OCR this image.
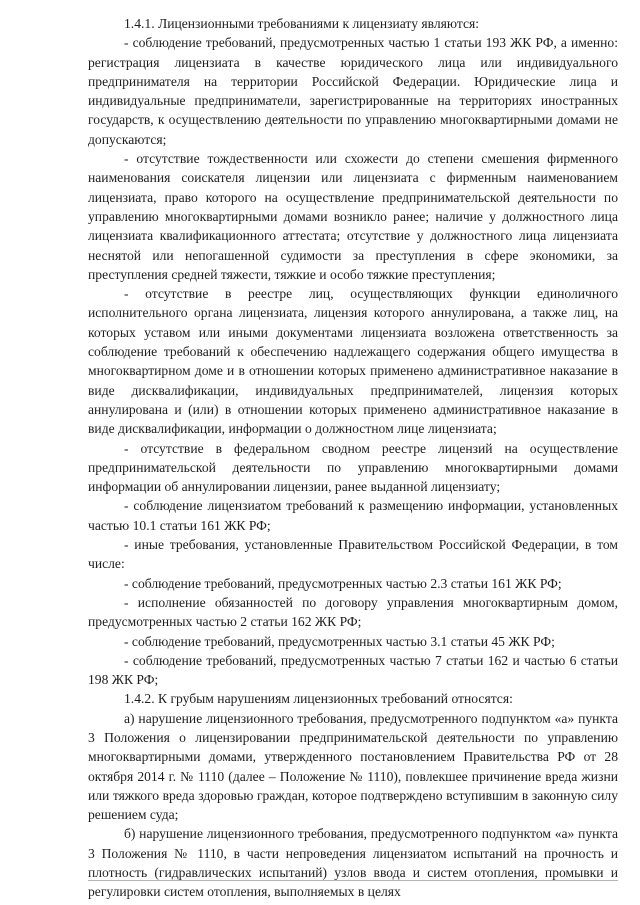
1.4.1. Лицензионными требованиями к лицензиату являются:

- соблюдение требований, предусмотренных частью 1 статьи 193 ЖК РФ, а именно: регистрация лицензиата в качестве юридического лица или индивидуального предпринимателя на территории Российской Федерации. Юридические лица и индивидуальные предприниматели, зарегистрированные на территориях иностранных государств, к осуществлению деятельности по управлению многоквартирными домами не допускаются;

- отсутствие тождественности или схожести до степени смешения фирменного наименования соискателя лицензии или лицензиата с фирменным наименованием лицензиата, право которого на осуществление предпринимательской деятельности по управлению многоквартирными домами возникло ранее; наличие у должностного лица лицензиата квалификационного аттестата; отсутствие у должностного лица лицензиата неснятой или непогашенной судимости за преступления в сфере экономики, за преступления средней тяжести, тяжкие и особо тяжкие преступления;

- отсутствие в реестре лиц, осуществляющих функции единоличного исполнительного органа лицензиата, лицензия которого аннулирована, а также лиц, на которых уставом или иными документами лицензиата возложена ответственность за соблюдение требований к обеспечению надлежащего содержания общего имущества в многоквартирном доме и в отношении которых применено административное наказание в виде дисквалификации, индивидуальных предпринимателей, лицензия которых аннулирована и (или) в отношении которых применено административное наказание в виде дисквалификации, информации о должностном лице лицензиата;

- отсутствие в федеральном сводном реестре лицензий на осуществление предпринимательской деятельности по управлению многоквартирными домами информации об аннулировании лицензии, ранее выданной лицензиату;

- соблюдение лицензиатом требований к размещению информации, установленных частью 10.1 статьи 161 ЖК РФ;

- иные требования, установленные Правительством Российской Федерации, в том числе:

- соблюдение требований, предусмотренных частью 2.3 статьи 161 ЖК РФ;

- исполнение обязанностей по договору управления многоквартирным домом, предусмотренных частью 2 статьи 162 ЖК РФ;

- соблюдение требований, предусмотренных частью 3.1 статьи 45 ЖК РФ;

- соблюдение требований, предусмотренных частью 7 статьи 162 и частью 6 статьи 198 ЖК РФ;

1.4.2. К грубым нарушениям лицензионных требований относятся:

а) нарушение лицензионного требования, предусмотренного подпунктом «а» пункта 3 Положения о лицензировании предпринимательской деятельности по управлению многоквартирными домами, утвержденного постановлением Правительства РФ от 28 октября 2014 г. № 1110 (далее – Положение № 1110), повлекшее причинение вреда жизни или тяжкого вреда здоровью граждан, которое подтверждено вступившим в законную силу решением суда;

б) нарушение лицензионного требования, предусмотренного подпунктом «а» пункта 3 Положения № 1110, в части непроведения лицензиатом испытаний на прочность и плотность (гидравлических испытаний) узлов ввода и систем отопления, промывки и регулировки систем отопления, выполняемых в целях
